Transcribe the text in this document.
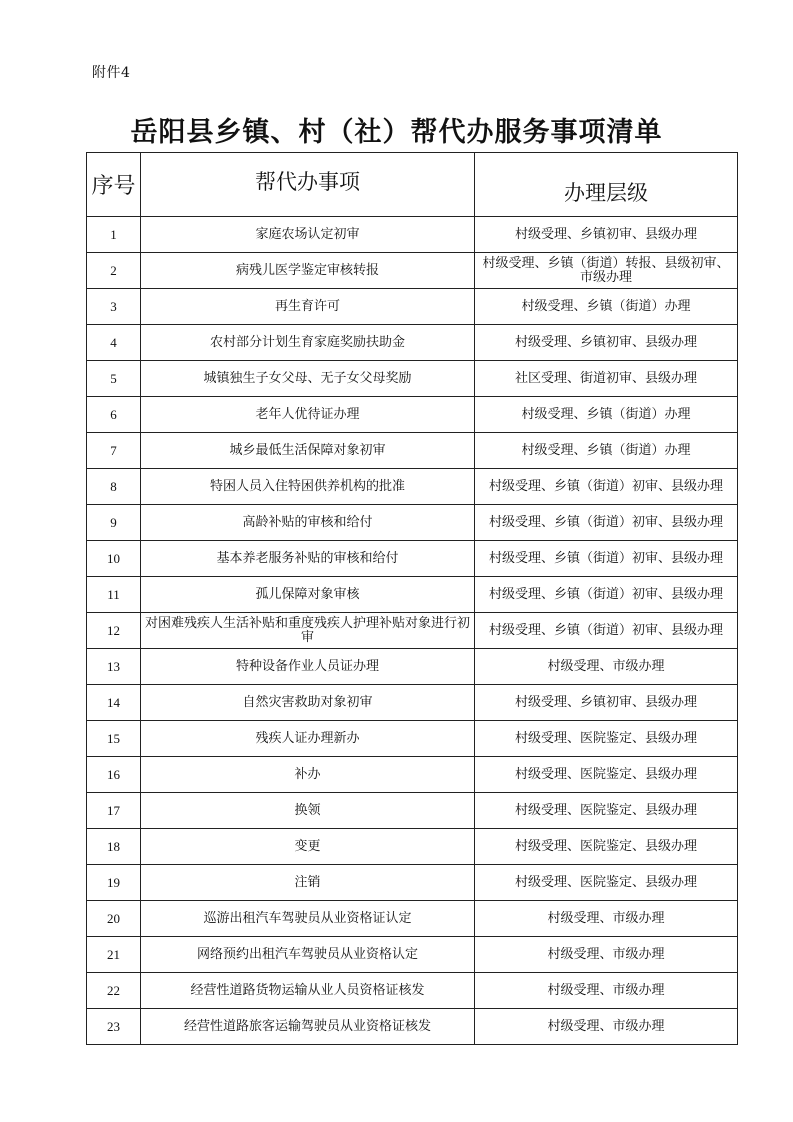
附件4
岳阳县乡镇、村（社）帮代办服务事项清单
序号	帮代办事项	办理层级
1	家庭农场认定初审	村级受理、乡镇初审、县级办理
2	病残儿医学鉴定审核转报	村级受理、乡镇（街道）转报、县级初审、市级办理
3	再生育许可	村级受理、乡镇（街道）办理
4	农村部分计划生育家庭奖励扶助金	村级受理、乡镇初审、县级办理
5	城镇独生子女父母、无子女父母奖励	社区受理、街道初审、县级办理
6	老年人优待证办理	村级受理、乡镇（街道）办理
7	城乡最低生活保障对象初审	村级受理、乡镇（街道）办理
8	特困人员入住特困供养机构的批准	村级受理、乡镇（街道）初审、县级办理
9	高龄补贴的审核和给付	村级受理、乡镇（街道）初审、县级办理
10	基本养老服务补贴的审核和给付	村级受理、乡镇（街道）初审、县级办理
11	孤儿保障对象审核	村级受理、乡镇（街道）初审、县级办理
12	对困难残疾人生活补贴和重度残疾人护理补贴对象进行初审	村级受理、乡镇（街道）初审、县级办理
13	特种设备作业人员证办理	村级受理、市级办理
14	自然灾害救助对象初审	村级受理、乡镇初审、县级办理
15	残疾人证办理新办	村级受理、医院鉴定、县级办理
16	补办	村级受理、医院鉴定、县级办理
17	换领	村级受理、医院鉴定、县级办理
18	变更	村级受理、医院鉴定、县级办理
19	注销	村级受理、医院鉴定、县级办理
20	巡游出租汽车驾驶员从业资格证认定	村级受理、市级办理
21	网络预约出租汽车驾驶员从业资格认定	村级受理、市级办理
22	经营性道路货物运输从业人员资格证核发	村级受理、市级办理
23	经营性道路旅客运输驾驶员从业资格证核发	村级受理、市级办理
